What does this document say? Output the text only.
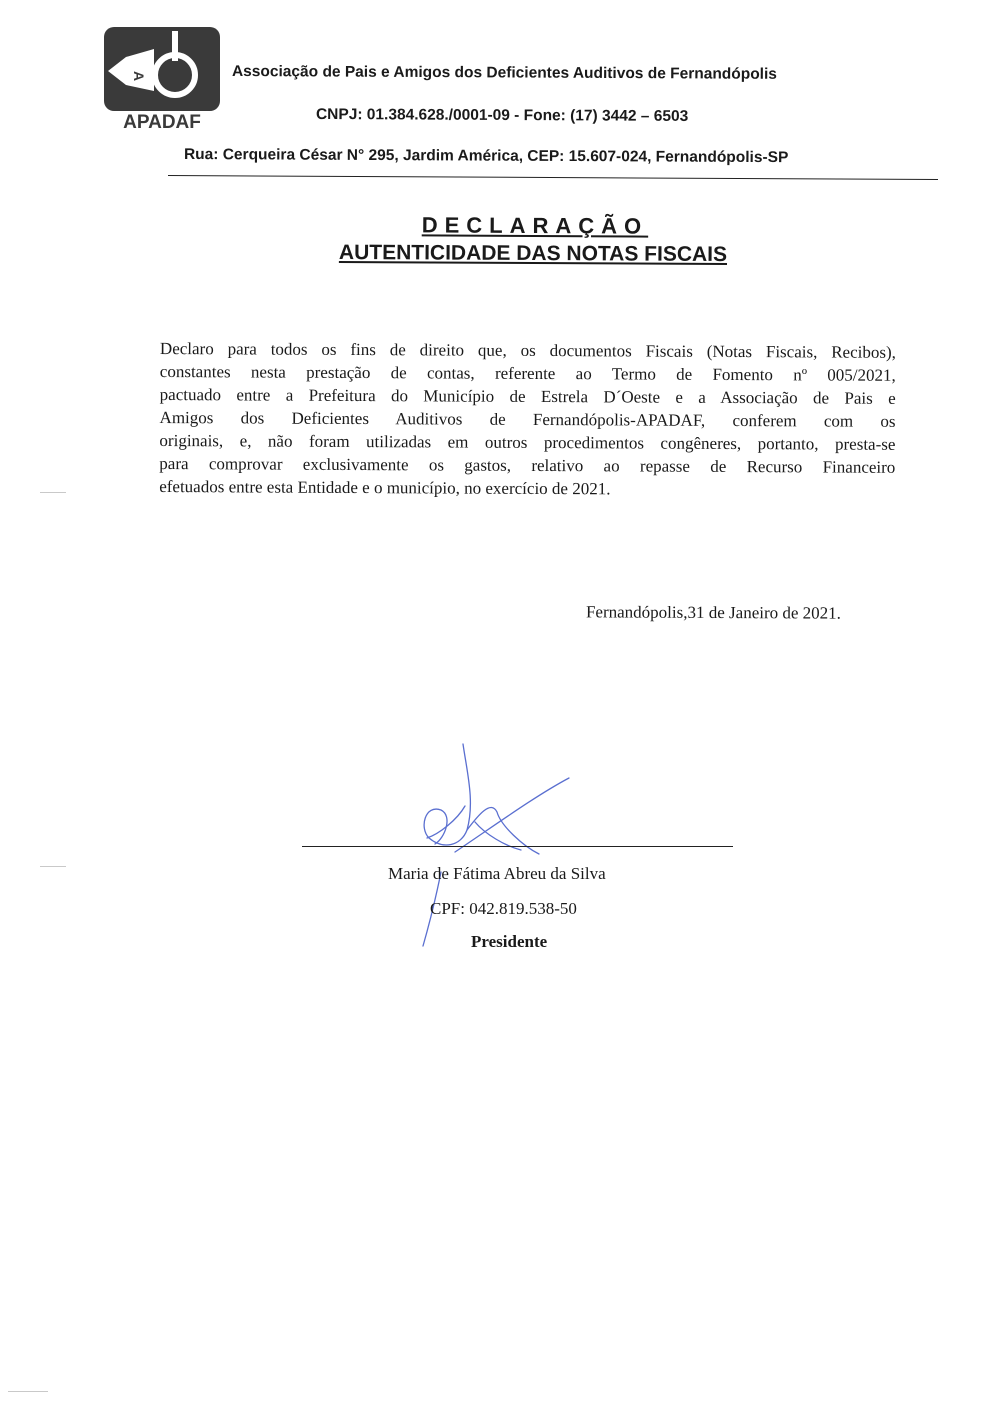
A
APADAF
Associação de Pais e Amigos dos Deficientes Auditivos de Fernandópolis
CNPJ: 01.384.628./0001-09 - Fone: (17) 3442 – 6503
Rua: Cerqueira César N° 295, Jardim América, CEP: 15.607-024, Fernandópolis-SP
DECLARAÇÃO
AUTENTICIDADE DAS NOTAS FISCAIS
Declaro para todos os fins de direito que, os documentos Fiscais (Notas Fiscais, Recibos),
constantes nesta prestação de contas, referente ao Termo de Fomento nº 005/2021,
pactuado entre a Prefeitura do Município de Estrela D´Oeste e a Associação de Pais e
Amigos dos Deficientes Auditivos de Fernandópolis-APADAF, conferem com os
originais, e, não foram utilizadas em outros procedimentos congêneres, portanto, presta-se
para comprovar exclusivamente os gastos, relativo ao repasse de Recurso Financeiro
efetuados entre esta Entidade e o município, no exercício de 2021.
Fernandópolis,31 de Janeiro de 2021.
Maria de Fátima Abreu da Silva
CPF: 042.819.538-50
Presidente
